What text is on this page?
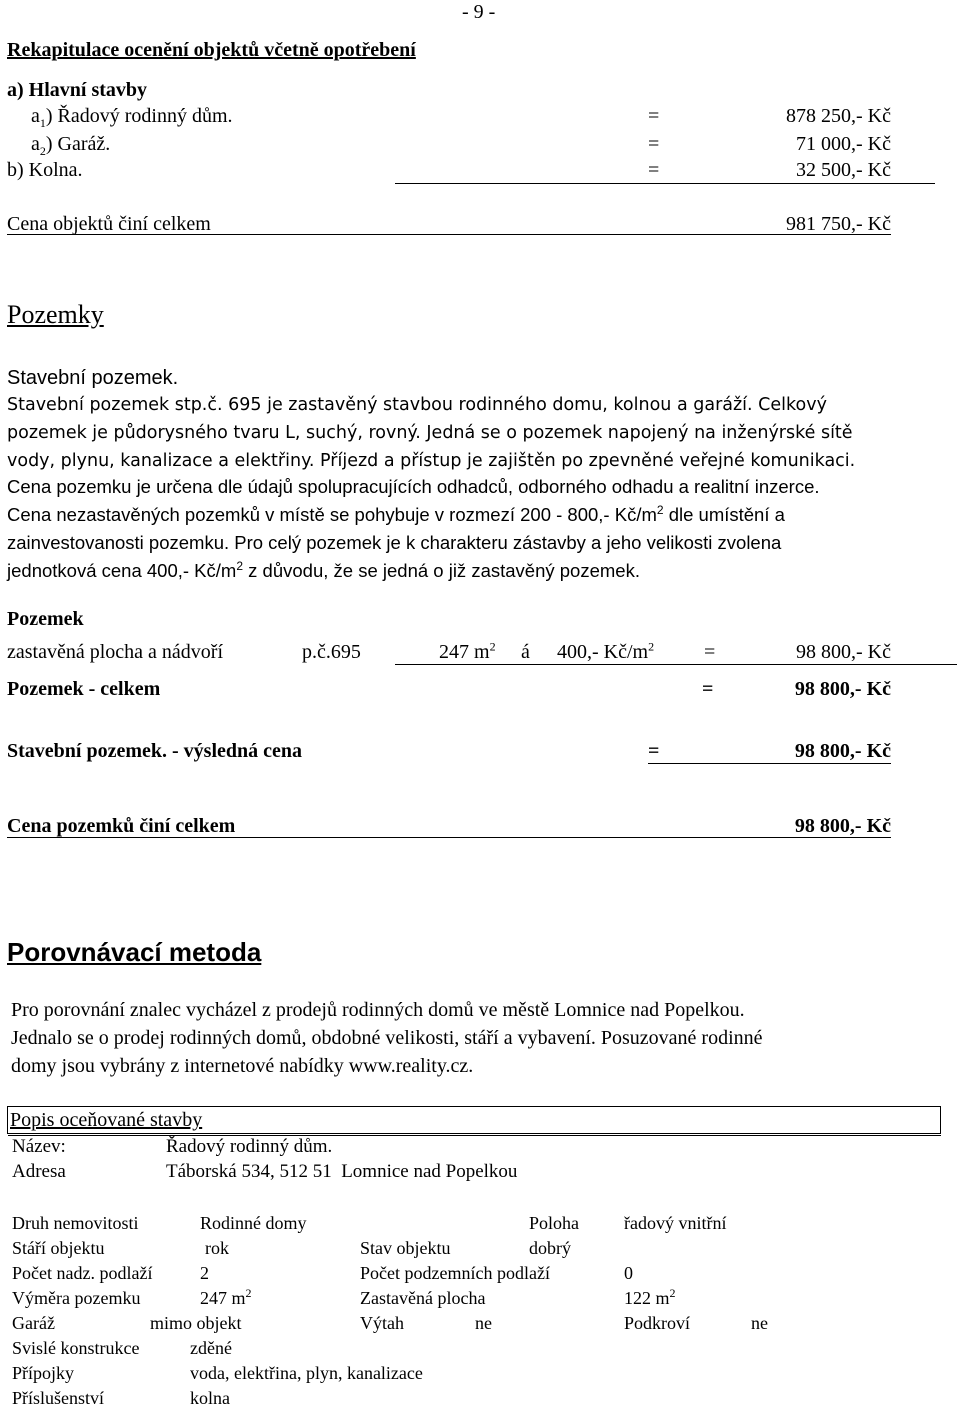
- 9 -
Rekapitulace ocenění objektů včetně opotřebení
a) Hlavní stavby
$a_1$) Řadový rodinný dům.	=	878 250,- Kč
$a_2$) Garáž.	=	71 000,- Kč
b) Kolna.	=	32 500,- Kč
Cena objektů činí celkem	981 750,- Kč
Pozemky
Stavební pozemek.
Stavební pozemek stp.č. 695 je zastavěný stavbou rodinného domu, kolnou a garáží. Celkový
pozemek je půdorysného tvaru L, suchý, rovný. Jedná se o pozemek napojený na inženýrské sítě
vody, plynu, kanalizace a elektřiny. Příjezd a přístup je zajištěn po zpevněné veřejné komunikaci.
Cena pozemku je určena dle údajů spolupracujících odhadců, odborného odhadu a realitní inzerce.
Cena nezastavěných pozemků v místě se pohybuje v rozmezí 200 - 800,- $Kč/m^2$ dle umístění a
zainvestovanosti pozemku. Pro celý pozemek je k charakteru zástavby a jeho velikosti zvolena
jednotková cena 400,- $Kč/m^2$ z důvodu, že se jedná o již zastavěný pozemek.
Pozemek
zastavěná plocha a nádvoří	p.č.695	247 $m^2$ á 400,- $Kč/m^2$ =	98 800,- Kč
Pozemek - celkem	=	98 800,- Kč
Stavební pozemek. - výsledná cena	=	98 800,- Kč
Cena pozemků činí celkem	98 800,- Kč
Porovnávací metoda
Pro porovnání znalec vycházel z prodejů rodinných domů ve městě Lomnice nad Popelkou.
Jednalo se o prodej rodinných domů, obdobné velikosti, stáří a vybavení. Posuzované rodinné
domy jsou vybrány z internetové nabídky www.reality.cz.
Popis oceňované stavby
Název:	Řadový rodinný dům.
Adresa	Táborská 534, 512 51  Lomnice nad Popelkou
Druh nemovitosti	Rodinné domy	Poloha řadový vnitřní
Stáří objektu	rok	Stav objektu	dobrý
Počet nadz. podlaží	2	Počet podzemních podlaží	0
Výměra pozemku	247 $m^2$	Zastavěná plocha	122 $m^2$
Garáž	mimo objekt	Výtah	ne	Podkroví	ne
Svislé konstrukce	zděné
Přípojky	voda, elektřina, plyn, kanalizace
Příslušenství	kolna
